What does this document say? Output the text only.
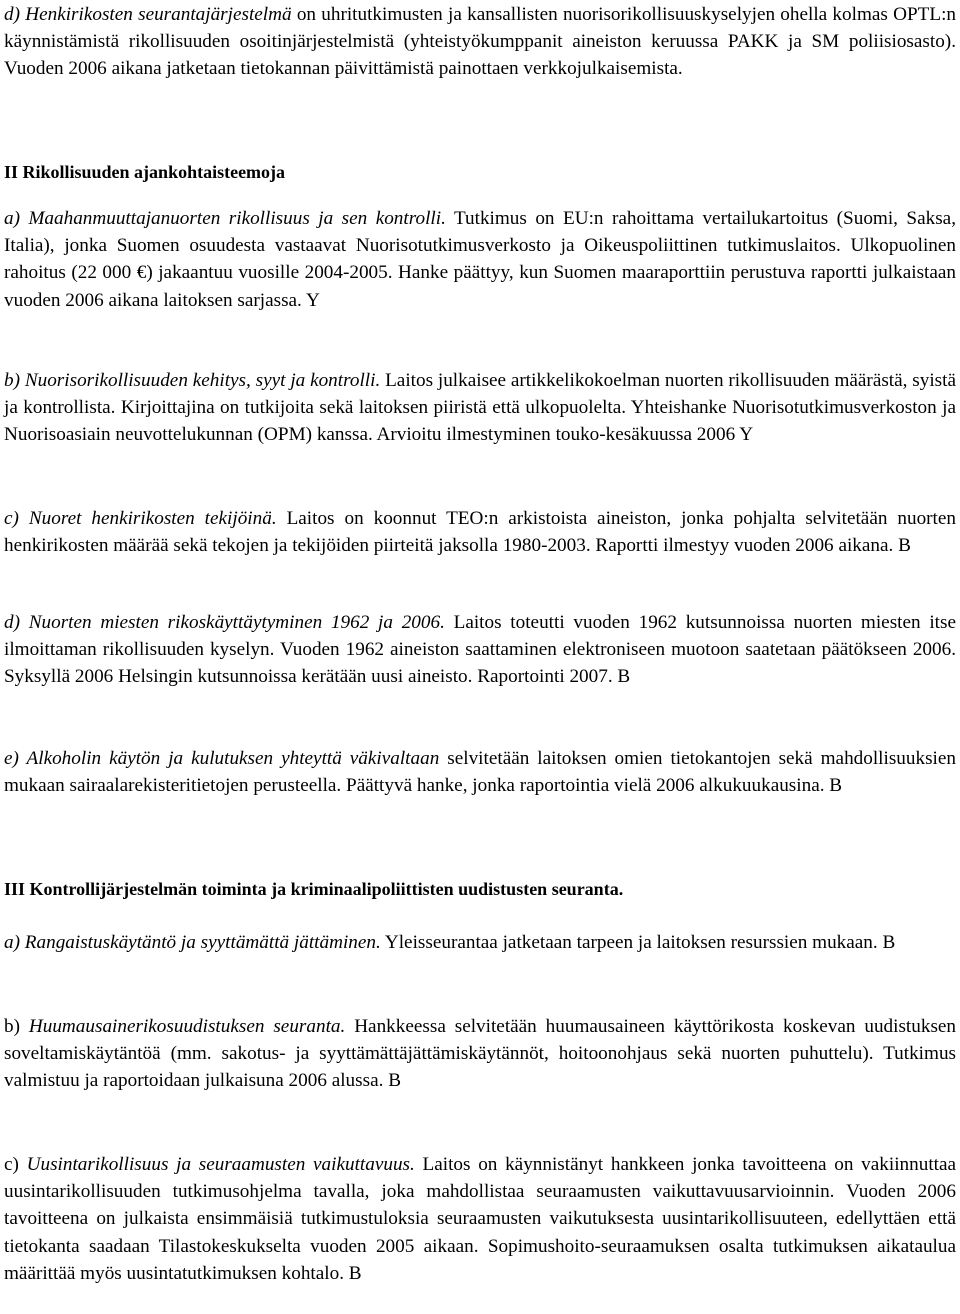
d) Henkirikosten seurantajärjestelmä on uhritutkimusten ja kansallisten nuorisorikollisuuskyselyjen ohella kolmas OPTL:n käynnistämistä rikollisuuden osoitinjärjestelmistä (yhteistyökumppanit aineiston keruussa PAKK ja SM poliisiosasto). Vuoden 2006 aikana jatketaan tietokannan päivittämistä painottaen verkkojulkaisemista.

II Rikollisuuden ajankohtaisteemoja

a) Maahanmuuttajanuorten rikollisuus ja sen kontrolli. Tutkimus on EU:n rahoittama vertailukartoitus (Suomi, Saksa, Italia), jonka Suomen osuudesta vastaavat Nuorisotutkimusverkosto ja Oikeuspoliittinen tutkimuslaitos. Ulkopuolinen rahoitus (22 000 €) jakaantuu vuosille 2004-2005. Hanke päättyy, kun Suomen maaraporttiin perustuva raportti julkaistaan vuoden 2006 aikana laitoksen sarjassa. Y

b) Nuorisorikollisuuden kehitys, syyt ja kontrolli. Laitos julkaisee artikkelikokoelman nuorten rikollisuuden määrästä, syistä ja kontrollista. Kirjoittajina on tutkijoita sekä laitoksen piiristä että ulkopuolelta. Yhteishanke Nuorisotutkimusverkoston ja Nuorisoasiain neuvottelukunnan (OPM) kanssa. Arvioitu ilmestyminen touko-kesäkuussa 2006 Y

c) Nuoret henkirikosten tekijöinä. Laitos on koonnut TEO:n arkistoista aineiston, jonka pohjalta selvitetään nuorten henkirikosten määrää sekä tekojen ja tekijöiden piirteitä jaksolla 1980-2003. Raportti ilmestyy vuoden 2006 aikana. B

d) Nuorten miesten rikoskäyttäytyminen 1962 ja 2006. Laitos toteutti vuoden 1962 kutsunnoissa nuorten miesten itse ilmoittaman rikollisuuden kyselyn. Vuoden 1962 aineiston saattaminen elektroniseen muotoon saatetaan päätökseen 2006. Syksyllä 2006 Helsingin kutsunnoissa kerätään uusi aineisto. Raportointi 2007. B

e) Alkoholin käytön ja kulutuksen yhteyttä väkivaltaan selvitetään laitoksen omien tietokantojen sekä mahdollisuuksien mukaan sairaalarekisteritietojen perusteella. Päättyvä hanke, jonka raportointia vielä 2006 alkukuukausina. B

III Kontrollijärjestelmän toiminta ja kriminaalipoliittisten uudistusten seuranta.

a) Rangaistuskäytäntö ja syyttämättä jättäminen. Yleisseurantaa jatketaan tarpeen ja laitoksen resurssien mukaan. B

b) Huumausainerikosuudistuksen seuranta. Hankkeessa selvitetään huumausaineen käyttörikosta koskevan uudistuksen soveltamiskäytäntöä (mm. sakotus- ja syyttämättäjättämiskäytännöt, hoitoonohjaus sekä nuorten puhuttelu). Tutkimus valmistuu ja raportoidaan julkaisuna 2006 alussa. B

c) Uusintarikollisuus ja seuraamusten vaikuttavuus. Laitos on käynnistänyt hankkeen jonka tavoitteena on vakiinnuttaa uusintarikollisuuden tutkimusohjelma tavalla, joka mahdollistaa seuraamusten vaikuttavuusarvioinnin. Vuoden 2006 tavoitteena on julkaista ensimmäisiä tutkimustuloksia seuraamusten vaikutuksesta uusintarikollisuuteen, edellyttäen että tietokanta saadaan Tilastokeskukselta vuoden 2005 aikaan. Sopimushoito-seuraamuksen osalta tutkimuksen aikataulua määrittää myös uusintatutkimuksen kohtalo. B
